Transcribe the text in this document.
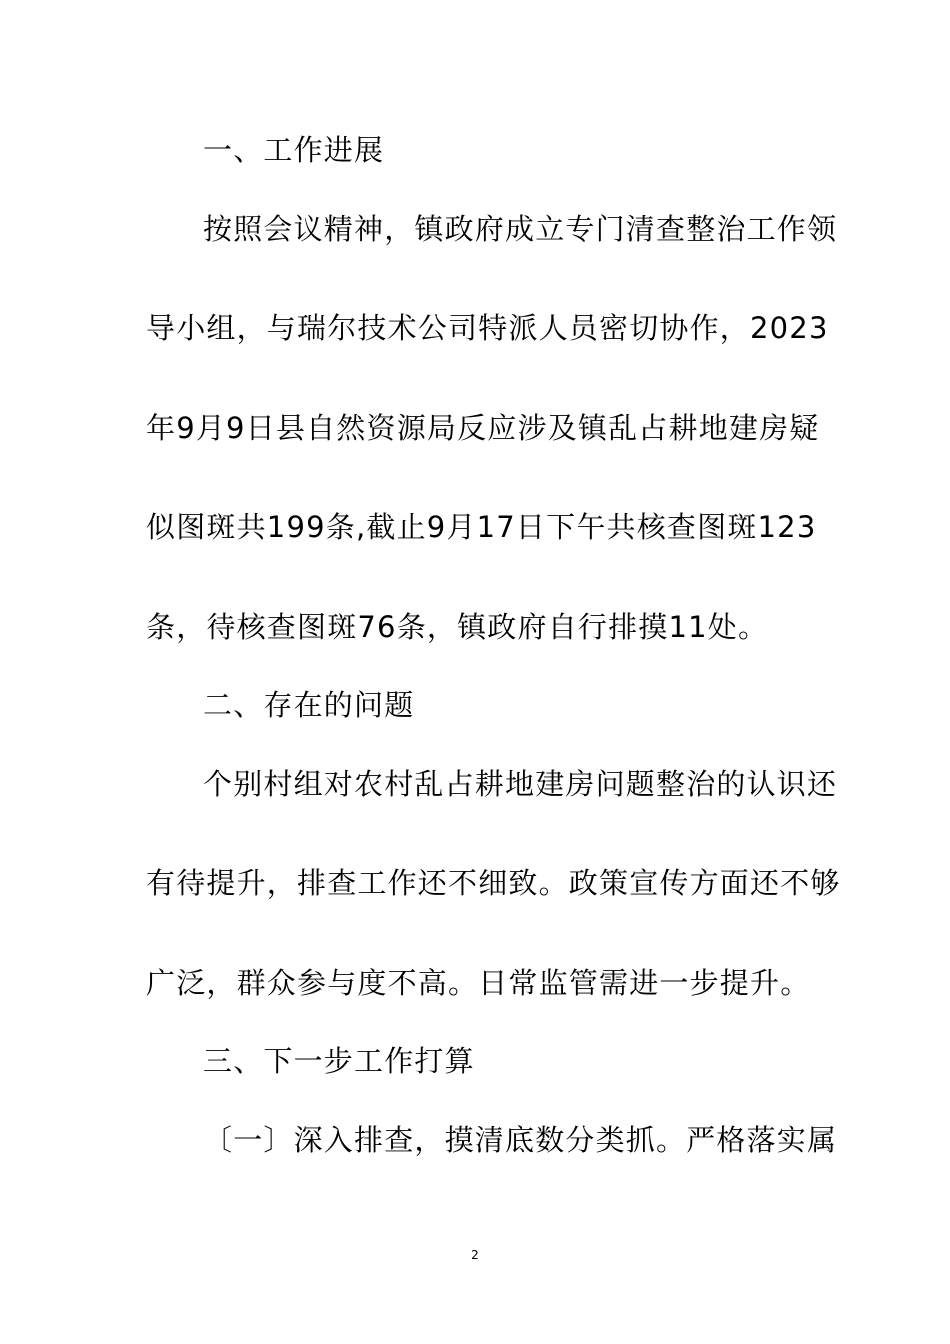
一、工作进展
按照会议精神，镇政府成立专门清查整治工作领
导小组，与瑞尔技术公司特派人员密切协作，2023
年9月9日县自然资源局反应涉及镇乱占耕地建房疑
似图斑共199条,截止9月17日下午共核查图斑123
条，待核查图斑76条，镇政府自行排摸11处。
二、存在的问题
个别村组对农村乱占耕地建房问题整治的认识还
有待提升，排查工作还不细致。政策宣传方面还不够
广泛，群众参与度不高。日常监管需进一步提升。
三、下一步工作打算
〔一〕深入排查，摸清底数分类抓。严格落实属
2
